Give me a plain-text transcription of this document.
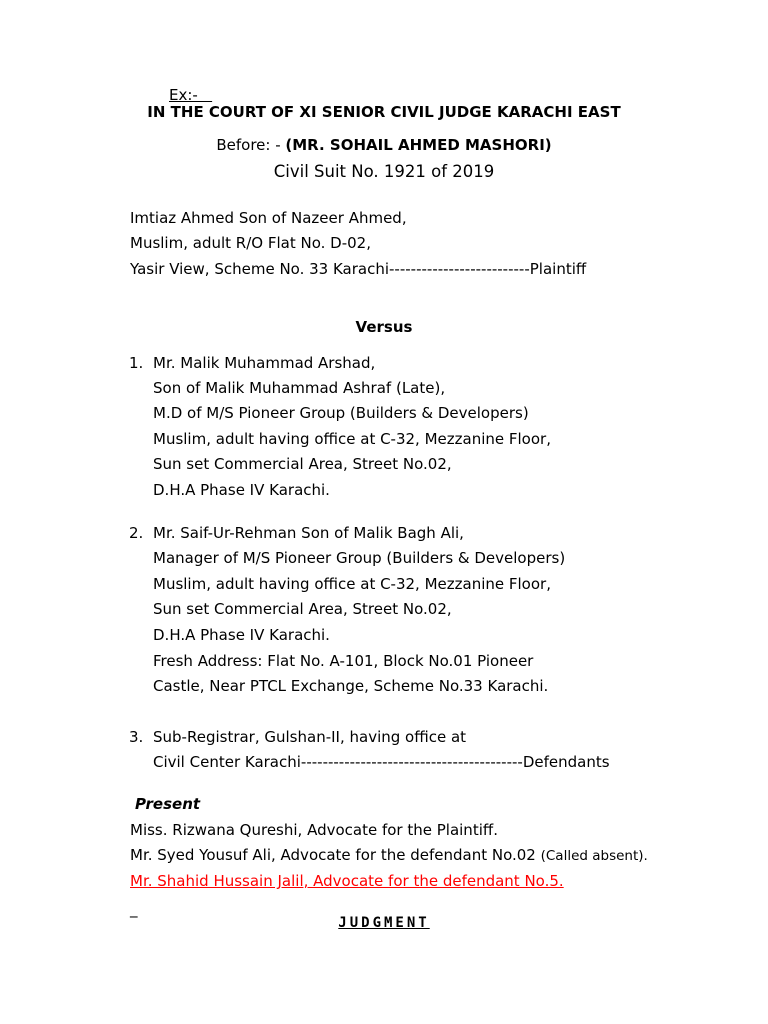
Ex:-
IN THE COURT OF XI SENIOR CIVIL JUDGE KARACHI EAST
Before: - (MR. SOHAIL AHMED MASHORI)
Civil Suit No. 1921 of 2019
Imtiaz Ahmed Son of Nazeer Ahmed,
Muslim, adult R/O Flat No. D-02,
Yasir View, Scheme No. 33 Karachi--------------------------Plaintiff
Versus
1. Mr. Malik Muhammad Arshad,
Son of Malik Muhammad Ashraf (Late),
M.D of M/S Pioneer Group (Builders & Developers)
Muslim, adult having office at C-32, Mezzanine Floor,
Sun set Commercial Area, Street No.02,
D.H.A Phase IV Karachi.
2. Mr. Saif-Ur-Rehman Son of Malik Bagh Ali,
Manager of M/S Pioneer Group (Builders & Developers)
Muslim, adult having office at C-32, Mezzanine Floor,
Sun set Commercial Area, Street No.02,
D.H.A Phase IV Karachi.
Fresh Address: Flat No. A-101, Block No.01 Pioneer
Castle, Near PTCL Exchange, Scheme No.33 Karachi.
3. Sub-Registrar, Gulshan-II, having office at
Civil Center Karachi-----------------------------------------Defendants
Present
Miss. Rizwana Qureshi, Advocate for the Plaintiff.
Mr. Syed Yousuf Ali, Advocate for the defendant No.02 (Called absent).
Mr. Shahid Hussain Jalil, Advocate for the defendant No.5.
_
JUDGMENT
